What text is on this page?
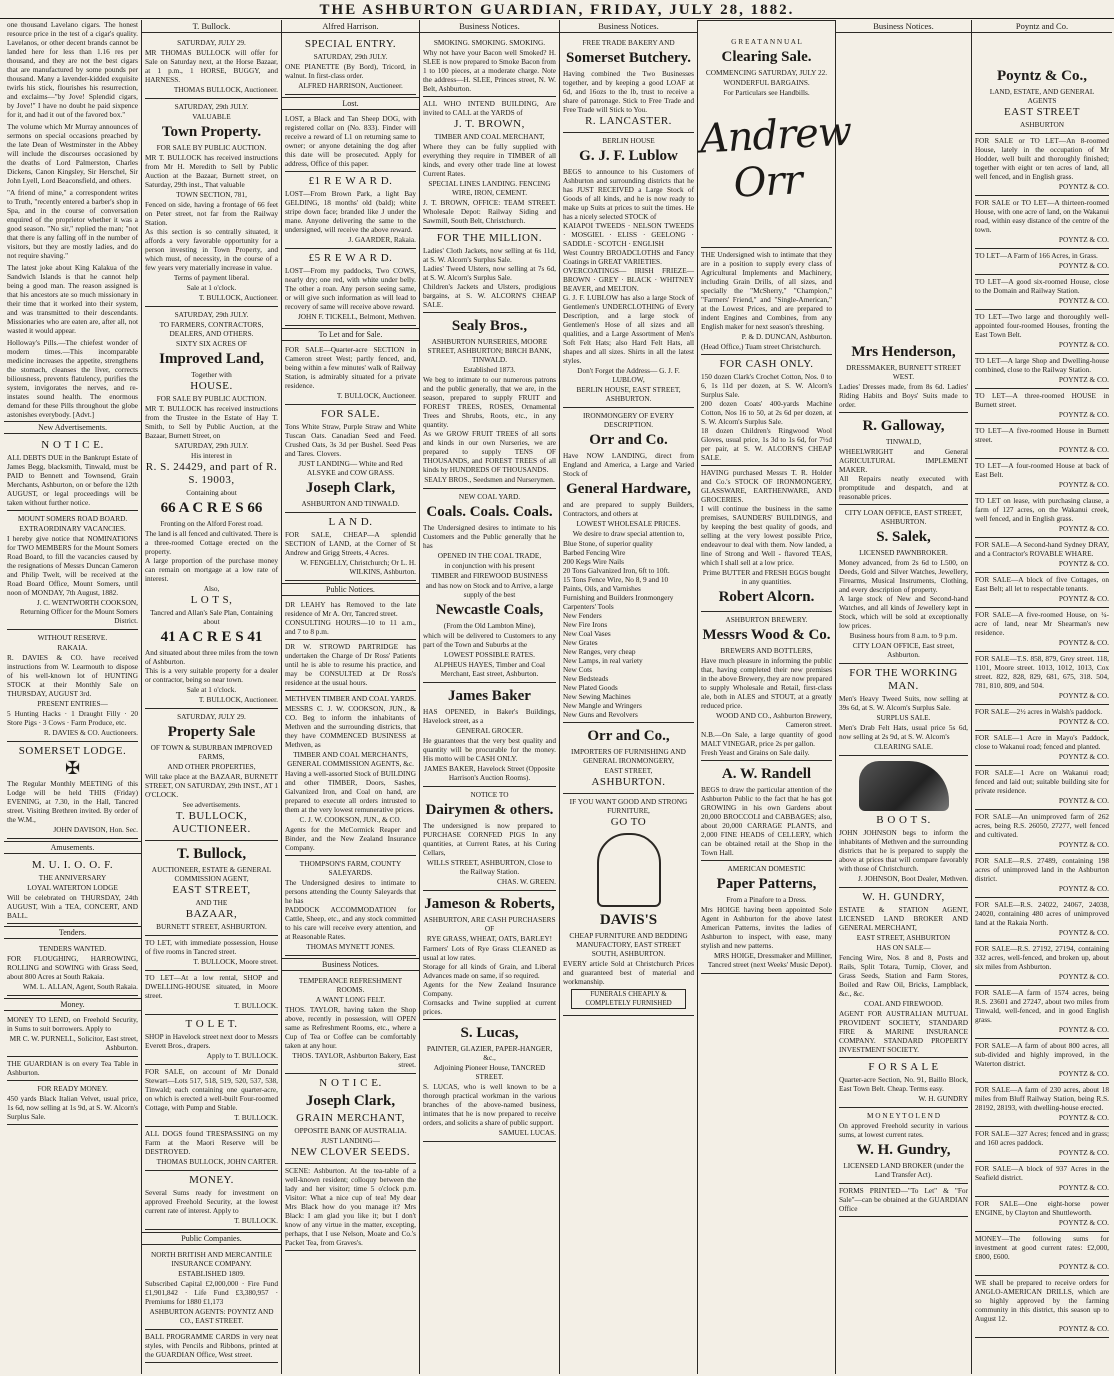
THE ASHBURTON GUARDIAN, FRIDAY, JULY 28, 1882.

one thousand Lavelano cigars. The honest resource price in the test of a cigar's quality. Lavelanos, or other decent brands cannot be landed here for less than 1.16 res per thousand, and they are not the best cigars that are manufactured by some pounds per thousand. Many a lavender-kidded exquisite twirls his stick, flourishes his resurrection, and exclaims—"by Jove! Splendid cigars, by Jove!" I have no doubt he paid sixpence for it, and had it out of the favored box."

The volume which Mr Murray announces of sermons on special occasions preached by the late Dean of Westminster in the Abbey will include the discourses occasioned by the deaths of Lord Palmerston, Charles Dickens, Canon Kingsley, Sir Herschel, Sir John Lyell, Lord Beaconsfield, and others.

"A friend of mine," a correspondent writes to Truth, "recently entered a barber's shop in Spa, and in the course of conversation enquired of the proprietor whether it was a good season. "No sir," replied the man; "not that there is any falling off in the number of visitors, but they are mostly ladies, and do not require shaving."

The latest joke about King Kalakua of the Sandwich Islands is that he cannot help being a good man. The reason assigned is that his ancestors ate so much missionary in their time that it worked into their system, and was transmitted to their descendants. Missionaries who are eaten are, after all, not wasted it would appear.

Holloway's Pills.—The chiefest wonder of modern times.—This incomparable medicine increases the appetite, strengthens the stomach, cleanses the liver, corrects biliousness, prevents flatulency, purifies the system, invigorates the nerves, and re-instates sound health. The enormous demand for these Pills throughout the globe astonishes everybody. [Advt.]

New Advertisements.
N O T I C E.

ALL DEBTS DUE in the Bankrupt Estate of James Begg, blacksmith, Tinwald, must be PAID to Bennett and Townsend, Grain Merchants, Ashburton, on or before the 12th AUGUST, or legal proceedings will be taken without further notice.

MOUNT SOMERS ROAD BOARD.
EXTRAORDINARY VACANCIES.

I hereby give notice that NOMINATIONS for TWO MEMBERS for the Mount Somers Road Board, to fill the vacancies caused by the resignations of Messrs Duncan Cameron and Philip Twelt, will be received at the Road Board Office, Mount Somers, until noon of MONDAY, 7th August, 1882.

J. C. WENTWORTH COOKSON, Returning Officer for the Mount Somers District.

WITHOUT RESERVE.
RAKAIA.

R. DAVIES & CO. have received instructions from W. Learmouth to dispose of his well-known lot of HUNTING STOCK at their Monthly Sale on THURSDAY, AUGUST 3rd.

PRESENT ENTRIES—

5 Hunting Hacks · 1 Draught Filly · 20 Store Pigs · 3 Cows · Farm Produce, etc.

R. DAVIES & CO. Auctioneers.

SOMERSET LODGE.
✠

The Regular Monthly MEETING of this Lodge will be held THIS (Friday) EVENING, at 7.30, in the Hall, Tancred street. Visiting Brethren invited. By order of the W.M.,

JOHN DAVISON, Hon. Sec.

Amusements.
M. U. I. O. O. F.
THE ANNIVERSARY
LOYAL WATERTON LODGE

Will be celebrated on THURSDAY, 24th AUGUST, With a TEA, CONCERT, AND BALL.

Tenders.
TENDERS WANTED.

FOR FLOUGHING, HARROWING, ROLLING and SOWING with Grass Seed, about 800 Acres at South Rakaia.

WM. L. ALLAN, Agent, South Rakaia.

Money.

MONEY TO LEND, on Freehold Security, in Sums to suit borrowers. Apply to

MR C. W. PURNELL, Solicitor, East street, Ashburton.

THE GUARDIAN is on every Tea Table in Ashburton.

FOR READY MONEY.

450 yards Black Italian Velvet, usual price, 1s 6d, now selling at 1s 9d, at S. W. Alcorn's Surplus Sale.

T. Bullock.
SATURDAY, JULY 29.

MR THOMAS BULLOCK will offer for Sale on Saturday next, at the Horse Bazaar, at 1 p.m., 1 HORSE, BUGGY, and HARNESS.

THOMAS BULLOCK, Auctioneer.

SATURDAY, 29th JULY.
VALUABLE
Town Property.
FOR SALE BY PUBLIC AUCTION.

MR T. BULLOCK has received instructions from Mr H. Meredith to Sell by Public Auction at the Bazaar, Burnett street, on Saturday, 29th inst., That valuable

TOWN SECTION, 781,

Fenced on side, having a frontage of 66 feet on Peter street, not far from the Railway Station.

As this section is so centrally situated, it affords a very favorable opportunity for a person investing in Town Property, and which must, of necessity, in the course of a few years very materially increase in value.

Terms of payment liberal.
Sale at 1 o'clock.

T. BULLOCK, Auctioneer.

SATURDAY, 29th JULY.
TO FARMERS, CONTRACTORS, DEALERS, AND OTHERS.
SIXTY SIX ACRES OF
Improved Land,
Together with
HOUSE.
FOR SALE BY PUBLIC AUCTION.

MR T. BULLOCK has received instructions from the Trustee in the Estate of Hay T. Smith, to Sell by Public Auction, at the Bazaar, Burnett Street, on

SATURDAY, 29th JULY.
His interest in
R. S. 24429, and part of R. S. 19003,
Containing about
66 A C R E S 66
Fronting on the Alford Forest road.

The land is all fenced and cultivated. There is a three-roomed Cottage erected on the property.

A large proportion of the purchase money can remain on mortgage at a low rate of interest.

Also,
L O T S,
Tancred and Allan's Sale Plan, Containing about
41 A C R E S 41

And situated about three miles from the town of Ashburton.

This is a very suitable property for a dealer or contractor, being so near town.

Sale at 1 o'clock.

T. BULLOCK, Auctioneer.

SATURDAY, JULY 29.
Property Sale
OF TOWN & SUBURBAN IMPROVED FARMS,
AND OTHER PROPERTIES,

Will take place at the BAZAAR, BURNETT STREET, ON SATURDAY, 29th INST., AT 1 O'CLOCK.

See advertisements.
T. BULLOCK, AUCTIONEER.
T. Bullock,
AUCTIONEER, ESTATE & GENERAL COMMISSION AGENT,
EAST STREET,
AND THE
BAZAAR,
BURNETT STREET, ASHBURTON.

TO LET, with immediate possession, House of five rooms in Tancred street.

T. BULLOCK, Moore street.

TO LET—At a low rental, SHOP and DWELLING-HOUSE situated, in Moore street.

T. BULLOCK.

T O L E T.

SHOP in Havelock street next door to Messrs Everett Bros., drapers.

Apply to T. BULLOCK.

FOR SALE, on account of Mr Donald Stewart—Lots 517, 518, 519, 520, 537, 538, Tinwald; each containing one quarter-acre, on which is erected a well-built Four-roomed Cottage, with Pump and Stable.

T. BULLOCK.

ALL DOGS found TRESPASSING on my Farm at the Maori Reserve will be DESTROYED.

THOMAS BULLOCK, JOHN CARTER.

MONEY.

Several Sums ready for investment on approved Freehold Security, at the lowest current rate of interest. Apply to

T. BULLOCK.

Public Companies.
NORTH BRITISH AND MERCANTILE INSURANCE COMPANY.
ESTABLISHED 1809.

Subscribed Capital £2,000,000 · Fire Fund £1,901,842 · Life Fund £3,380,957 · Premiums for 1880 £1,173

ASHBURTON AGENTS: POYNTZ AND CO., EAST STREET.

BALL PROGRAMME CARDS in very neat styles, with Pencils and Ribbons, printed at the GUARDIAN Office, West street.

Alfred Harrison.
SPECIAL ENTRY.
SATURDAY, 29th JULY.

ONE PIANETTE (By Bord), Tricord, in walnut. In first-class order.

ALFRED HARRISON, Auctioneer.
Lost.

LOST, a Black and Tan Sheep DOG, with registered collar on (No. 833). Finder will receive a reward of L1 on returning same to owner; or anyone detaining the dog after this date will be prosecuted. Apply for address, Office of this paper.

£1 R E W A R D.

LOST—From Brown Park, a light Bay GELDING, 18 months' old (bald); white stripe down face; branded like J under the mane. Anyone delivering the same to the undersigned, will receive the above reward.

J. GAARDER, Rakaia.

£5 R E W A R D.

LOST—From my paddocks, Two COWS, nearly dry; one red, with white under belly. The other a roan. Any person seeing same, or will give such information as will lead to recovery of same will receive above reward.

JOHN F. TICKELL, Belmont, Methven.

To Let and for Sale.

FOR SALE—Quarter-acre SECTION in Cameron street West; partly fenced, and, being within a few minutes' walk of Railway Station, is admirably situated for a private residence.

T. BULLOCK, Auctioneer.

FOR SALE.

Tons White Straw, Purple Straw and White Tuscan Oats. Canadian Seed and Feed. Crushed Oats, 3s 3d per Bushel. Seed Peas and Tares. Clovers.

JUST LANDING— White and Red ALSYKE and COW GRASS.
Joseph Clark,
ASHBURTON AND TINWALD.
L A N D.

FOR SALE, CHEAP—A splendid SECTION of LAND, at the Corner of St Andrew and Grigg Streets, 4 Acres.

W. FENGELLY, Christchurch; Or L. H. WILKINS, Ashburton.

Public Notices.

DR LEAHY has Removed to the late residence of Mr A. Orr, Tancred street.

CONSULTING HOURS—10 to 11 a.m., and 7 to 8 p.m.

DR W. STROWD PARTRIDGE has undertaken the Charge of Dr Ross' Patients until he is able to resume his practice, and may be CONSULTED at Dr Ross's residence at the usual hours.

METHVEN TIMBER AND COAL YARDS.

MESSRS C. J. W. COOKSON, JUN., & CO. Beg to inform the inhabitants of Methven and the surrounding districts, that they have COMMENCED BUSINESS at Methven, as

TIMBER AND COAL MERCHANTS, GENERAL COMMISSION AGENTS, &c.

Having a well-assorted Stock of BUILDING and other TIMBER, Doors, Sashes, Galvanized Iron, and Coal on hand, are prepared to execute all orders intrusted to them at the very lowest remunerative prices.

C. J. W. COOKSON, JUN., & CO.

Agents for the McCormick Reaper and Binder, and the New Zealand Insurance Company.

THOMPSON'S FARM, COUNTY SALEYARDS.

The Undersigned desires to intimate to persons attending the County Saleyards that he has

PADDOCK ACCOMMODATION for Cattle, Sheep, etc., and any stock committed to his care will receive every attention, and at Reasonable Rates.

THOMAS MYNETT JONES.
Business Notices.
TEMPERANCE REFRESHMENT ROOMS.
A WANT LONG FELT.

THOS. TAYLOR, having taken the Shop above, recently in possession, will OPEN same as Refreshment Rooms, etc., where a Cup of Tea or Coffee can be comfortably taken at any hour.

THOS. TAYLOR, Ashburton Bakery, East street.

N O T I C E.
Joseph Clark,
GRAIN MERCHANT,
OPPOSITE BANK OF AUSTRALIA.
JUST LANDING—
NEW CLOVER SEEDS.

SCENE: Ashburton. At the tea-table of a well-known resident; colloquy between the lady and her visitor; time 5 o'clock p.m. Visitor: What a nice cup of tea! My dear Mrs Black how do you manage it? Mrs Black: I am glad you like it; but I don't know of any virtue in the matter, excepting, perhaps, that I use Nelson, Moate and Co.'s Packet Tea, from Graves's.

Business Notices.
SMOKING. SMOKING. SMOKING.

Why not have your Bacon well Smoked? H. SLEE is now prepared to Smoke Bacon from 1 to 100 pieces, at a moderate charge. Note the address—H. SLEE, Princes street, N. W. Belt, Ashburton.

ALL WHO INTEND BUILDING, Are invited to CALL at the YARDS of

J. T. BROWN,
TIMBER AND COAL MERCHANT,

Where they can be fully supplied with everything they require in TIMBER of all kinds, and every other trade line at lowest Current Rates.

SPECIAL LINES LANDING. FENCING WIRE, IRON, CEMENT.

J. T. BROWN, OFFICE: TEAM STREET. Wholesale Depot: Railway Siding and Sawmill, South Belt, Christchurch.

FOR THE MILLION.

Ladies' Cloth Jackets, now selling at 6s 11d, at S. W. Alcorn's Surplus Sale.

Ladies' Tweed Ulsters, now selling at 7s 6d, at S. W. Alcorn's Surplus Sale.

Children's Jackets and Ulsters, prodigious bargains, at S. W. ALCORN'S CHEAP SALE.

Sealy Bros.,
ASHBURTON NURSERIES, MOORE STREET, ASHBURTON; BIRCH BANK, TINWALD.
Established 1873.

We beg to intimate to our numerous patrons and the public generally, that we are, in the season, prepared to supply FRUIT and FOREST TREES, ROSES, Ornamental Trees and Shrubs, Roots, etc., in any quantity.

As we GROW FRUIT TREES of all sorts and kinds in our own Nurseries, we are prepared to supply TENS OF THOUSANDS, and FOREST TREES of all kinds by HUNDREDS OF THOUSANDS.

SEALY BROS., Seedsmen and Nurserymen.
NEW COAL YARD.
Coals. Coals. Coals.

The Undersigned desires to intimate to his Customers and the Public generally that he has

OPENED IN THE COAL TRADE,
in conjunction with his present
TIMBER and FIREWOOD BUSINESS
and has now on Stock and to Arrive, a large supply of the best
Newcastle Coals,
(From the Old Lambton Mine),

which will be delivered to Customers to any part of the Town and Suburbs at the

LOWEST POSSIBLE RATES.
ALPHEUS HAYES, Timber and Coal Merchant, East street, Ashburton.
James Baker

HAS OPENED, in Baker's Buildings, Havelock street, as a

GENERAL GROCER.

He guarantees that the very best quality and quantity will be procurable for the money. His motto will be CASH ONLY.

JAMES BAKER, Havelock Street (Opposite Harrison's Auction Rooms).
NOTICE TO
Dairymen & others.

The undersigned is now prepared to PURCHASE CORNFED PIGS In any quantities, at Current Rates, at his Curing Cellars,

WILLS STREET, ASHBURTON, Close to the Railway Station.

CHAS. W. GREEN.

Jameson & Roberts,
ASHBURTON, ARE CASH PURCHASERS OF
RYE GRASS, WHEAT, OATS, BARLEY!

Farmers' Lots of Rye Grass CLEANED as usual at low rates.

Storage for all kinds of Grain, and Liberal Advances made on same, if so required.

Agents for the New Zealand Insurance Company.

Cornsacks and Twine supplied at current prices.

S. Lucas,
PAINTER, GLAZIER, PAPER-HANGER, &c.,
Adjoining Pioneer House, TANCRED STREET.

S. LUCAS, who is well known to be a thorough practical workman in the various branches of the above-named business, intimates that he is now prepared to receive orders, and solicits a share of public support.

SAMUEL LUCAS.

Business Notices.
FREE TRADE BAKERY AND
Somerset Butchery.

Having combined the Two Businesses together, and by keeping a good LOAF at 6d, and 16ozs to the lb, trust to receive a share of patronage. Stick to Free Trade and Free Trade will Stick to You.

R. LANCASTER.
BERLIN HOUSE
G. J. F. Lublow

BEGS to announce to his Customers of Ashburton and surrounding districts that he has JUST RECEIVED a Large Stock of Goods of all kinds, and he is now ready to make up Suits at prices to suit the times. He has a nicely selected STOCK of

KAIAPOI TWEEDS · NELSON TWEEDS · MOSGIEL · ELISS · GEELONG · SADDLE · SCOTCH · ENGLISH

West Country BROADCLOTHS and Fancy Coatings in GREAT VARIETIES.

OVERCOATINGS— IRISH FRIEZE—BROWN · GREY · BLACK · WHITNEY BEAVER, and MELTON.

G. J. F. LUBLOW has also a large Stock of Gentlemen's UNDERCLOTHING of Every Description, and a large stock of Gentlemen's Hose of all sizes and all qualities, and a Large Assortment of Men's Soft Felt Hats; also Hard Felt Hats, all shapes and all sizes. Shirts in all the latest styles.

Don't Forget the Address— G. J. F. LUBLOW,
BERLIN HOUSE, EAST STREET, ASHBURTON.
IRONMONGERY OF EVERY DESCRIPTION.
Orr and Co.

Have NOW LANDING, direct from England and America, a Large and Varied Stock of

General Hardware,

and are prepared to supply Builders, Contractors, and others at

LOWEST WHOLESALE PRICES.
We desire to draw special attention to,

Blue Stone, of superior quality

Barbed Fencing Wire

200 Kegs Wire Nails

20 Tons Galvanized Iron, 6ft to 10ft.

15 Tons Fence Wire, No 8, 9 and 10

Paints, Oils, and Varnishes

Furnishing and Builders Ironmongery

Carpenters' Tools

New Fenders

New Fire Irons

New Coal Vases

New Grates

New Ranges, very cheap

New Lamps, in real variety

New Cots

New Bedsteads

New Plated Goods

New Sewing Machines

New Mangle and Wringers

New Guns and Revolvers

Orr and Co.,
IMPORTERS OF FURNISHING AND GENERAL IRONMONGERY,
EAST STREET,
ASHBURTON.
IF YOU WANT GOOD AND STRONG FURNITURE,
GO TO
DAVIS'S
CHEAP FURNITURE AND BEDDING MANUFACTORY, EAST STREET SOUTH, ASHBURTON.

EVERY article Sold at Christchurch Prices and guaranteed best of material and workmanship.

FUNERALS CHEAPLY & COMPLETELY FURNISHED
G R E A T A N N U A L
Clearing Sale.
COMMENCING SATURDAY, JULY 22.
WONDERFUL BARGAINS.
For Particulars see Handbills.
Andrew Orr

THE Undersigned wish to intimate that they are in a position to supply every class of Agricultural Implements and Machinery, including Grain Drills, of all sizes, and specially the "McSherry," "Champion," "Farmers' Friend," and "Single-American," at the Lowest Prices, and are prepared to indent Engines and Combines, from any English maker for next season's threshing.

P. & D. DUNCAN, Ashburton.

(Head Office,) Tuam street Christchurch.

FOR CASH ONLY.

150 dozen Clark's Crochet Cotton, Nos. 0 to 6, 1s 11d per dozen, at S. W. Alcorn's Surplus Sale.

200 dozen Coats' 400-yards Machine Cotton, Nos 16 to 50, at 2s 6d per dozen, at S. W. Alcorn's Surplus Sale.

18 dozen Children's Ringwood Wool Gloves, usual price, 1s 3d to 1s 6d, for 7½d per pair, at S. W. ALCORN'S CHEAP SALE.

HAVING purchased Messrs T. R. Holder and Co.'s STOCK OF IRONMONGERY, GLASSWARE, EARTHENWARE, AND GROCERIES.

I will continue the business in the same premises, SAUNDERS' BUILDINGS, and by keeping the best quality of goods, and selling at the very lowest possible Price, endeavour to deal with them. Now landed, a line of Strong and Well - flavored TEAS, which I shall sell at a low price.

Prime BUTTER and FRESH EGGS bought in any quantities.
Robert Alcorn.
ASHBURTON BREWERY.
Messrs Wood & Co.
BREWERS AND BOTTLERS,

Have much pleasure in informing the public that, having completed their new premises in the above Brewery, they are now prepared to supply Wholesale and Retail, first-class ale, both in ALES and STOUT, at a greatly reduced price.

WOOD AND CO., Ashburton Brewery, Cameron street.

N.B.—On Sale, a large quantity of good MALT VINEGAR, price 2s per gallon.

Fresh Yeast and Grains on Sale daily.

A. W. Randell

BEGS to draw the particular attention of the Ashburton Public to the fact that he has got GROWING in his own Gardens about 20,000 BROCCOLI and CABBAGES; also, about 20,000 CARRAGE PLANTS, and 2,000 FINE HEADS of CELLERY, which can be obtained retail at the Shop in the Town Hall.

AMERICAN DOMESTIC
Paper Patterns,
From a Pinafore to a Dress.

Mrs HOIGE having been appointed Sole Agent in Ashburton for the above latest American Patterns, invites the ladies of Ashburton to inspect, with ease, many stylish and new patterns.

MRS HOIGE, Dressmaker and Milliner, Tancred street (next Weeks' Music Depot).

Business Notices.
Mrs Henderson,
DRESSMAKER, BURNETT STREET WEST.

Ladies' Dresses made, from 8s 6d. Ladies' Riding Habits and Boys' Suits made to order.

R. Galloway,
TINWALD,

WHEELWRIGHT and General AGRICULTURAL IMPLEMENT MAKER.

All Repairs neatly executed with promptitude and despatch, and at reasonable prices.

CITY LOAN OFFICE, EAST STREET, ASHBURTON.
S. Salek,
LICENSED PAWNBROKER.

Money advanced, from 2s 6d to L500, on Deeds, Gold and Silver Watches, Jewellery, Firearms, Musical Instruments, Clothing, and every description of property.

A large stock of New and Second-hand Watches, and all kinds of Jewellery kept in Stock, which will be sold at exceptionally low prices.

Business hours from 8 a.m. to 9 p.m.
CITY LOAN OFFICE, East street, Ashburton.
FOR THE WORKING MAN.

Men's Heavy Tweed Suits, now selling at 39s 6d, at S. W. Alcorn's Surplus Sale.

SURPLUS SALE.

Men's Drab Felt Hats, usual price 5s 6d, now selling at 2s 9d, at S. W. Alcorn's

CLEARING SALE.
B O O T S.

JOHN JOHNSON begs to inform the inhabitants of Methven and the surrounding districts that he is prepared to supply the above at prices that will compare favorably with those of Christchurch.

J. JOHNSON, Boot Dealer, Methven.

W. H. GUNDRY,

ESTATE & STATION AGENT, LICENSED LAND BROKER AND GENERAL MERCHANT,

EAST STREET, ASHBURTON
HAS ON SALE—

Fencing Wire, Nos. 8 and 8, Posts and Rails, Split Totara, Turnip, Clover, and Grass Seeds, Station and Farm Stores, Boiled and Raw Oil, Bricks, Lampblack, &c., &c.

COAL AND FIREWOOD.

AGENT FOR AUSTRALIAN MUTUAL PROVIDENT SOCIETY, STANDARD FIRE & MARINE INSURANCE COMPANY. STANDARD PROPERTY INVESTMENT SOCIETY.

F O R S A L E

Quarter-acre Section, No. 91, Baillo Block, East Town Belt. Cheap. Terms easy.

W. H. GUNDRY

M O N E Y T O L E N D

On approved Freehold security in various sums, at lowest current rates.

W. H. Gundry,
LICENSED LAND BROKER (under the Land Transfer Act).

FORMS PRINTED—"To Let" & "For Sale"—can be obtained at the GUARDIAN Office

Poyntz and Co.
Poyntz & Co.,
LAND, ESTATE, AND GENERAL AGENTS
EAST STREET
ASHBURTON

FOR SALE or TO LET—An 8-roomed House, lately in the occupation of Mr Hodder, well built and thoroughly finished; together with eight or ten acres of land, all well fenced, and in English grass.

POYNTZ & CO.

FOR SALE or TO LET—A thirteen-roomed House, with one acre of land, on the Wakanui road, within easy distance of the centre of the town.

POYNTZ & CO.

TO LET—A Farm of 166 Acres, in Grass.

POYNTZ & CO.

TO LET—A good six-roomed House, close to the Domain and Railway Station.

POYNTZ & CO.

TO LET—Two large and thoroughly well-appointed four-roomed Houses, fronting the East Town Belt.

POYNTZ & CO.

TO LET—A large Shop and Dwelling-house combined, close to the Railway Station.

POYNTZ & CO.

TO LET—A three-roomed HOUSE in Burnett street.

POYNTZ & CO.

TO LET—A five-roomed House in Burnett street.

POYNTZ & CO.

TO LET—A four-roomed House at back of East Belt.

POYNTZ & CO.

TO LET on lease, with purchasing clause, a farm of 127 acres, on the Wakanui creek, well fenced, and in English grass.

POYNTZ & CO.

FOR SALE—A Second-hand Sydney DRAY, and a Contractor's ROVABLE WHARE.

POYNTZ & CO.

FOR SALE—A block of five Cottages, on East Belt; all let to respectable tenants.

POYNTZ & CO.

FOR SALE—A five-roomed House, on ¼-acre of land, near Mr Shearman's new residence.

POYNTZ & CO.

FOR SALE—T.S. 858, 879, Grey street. 118, 1101, Moore street. 1013, 1012, 1013, Cox street. 822, 828, 829, 681, 675, 318. 504, 781, 810, 809, and 504.

POYNTZ & CO.

FOR SALE—2½ acres in Walsh's paddock.

POYNTZ & CO.

FOR SALE—1 Acre in Mayo's Paddock, close to Wakanui road; fenced and planted.

POYNTZ & CO.

FOR SALE—1 Acre on Wakanui road; fenced and laid out; suitable building site for private residence.

POYNTZ & CO.

FOR SALE—An unimproved farm of 262 acres, being R.S. 26050, 27277, well fenced and cultivated.

POYNTZ & CO.

FOR SALE—R.S. 27489, containing 198 acres of unimproved land in the Ashburton district.

POYNTZ & CO.

FOR SALE—R.S. 24022, 24067, 24038, 24020, containing 480 acres of unimproved land at the Rakaia North.

POYNTZ & CO.

FOR SALE—R.S. 27192, 27194, containing 332 acres, well-fenced, and broken up, about six miles from Ashburton.

POYNTZ & CO.

FOR SALE—A farm of 1574 acres, being R.S. 23601 and 27247, about two miles from Tinwald, well-fenced, and in good English grass.

POYNTZ & CO.

FOR SALE—A farm of about 800 acres, all sub-divided and highly improved, in the Waterton district.

POYNTZ & CO.

FOR SALE—A farm of 230 acres, about 18 miles from Bluff Railway Station, being R.S. 28192, 28193, with dwelling-house erected.

POYNTZ & CO.

FOR SALE—327 Acres; fenced and in grass; and 160 acres paddock.

POYNTZ & CO.

FOR SALE—A block of 937 Acres in the Seafield district.

POYNTZ & CO.

FOR SALE—One eight-horse power ENGINE, by Clayton and Shuttleworth.

POYNTZ & CO.

MONEY—The following sums for investment at good current rates: £2,000, £800, £600.

POYNTZ & CO.

WE shall be prepared to receive orders for ANGLO-AMERICAN DRILLS, which are so highly approved by the farming community in this district, this season up to August 12.

POYNTZ & CO.
